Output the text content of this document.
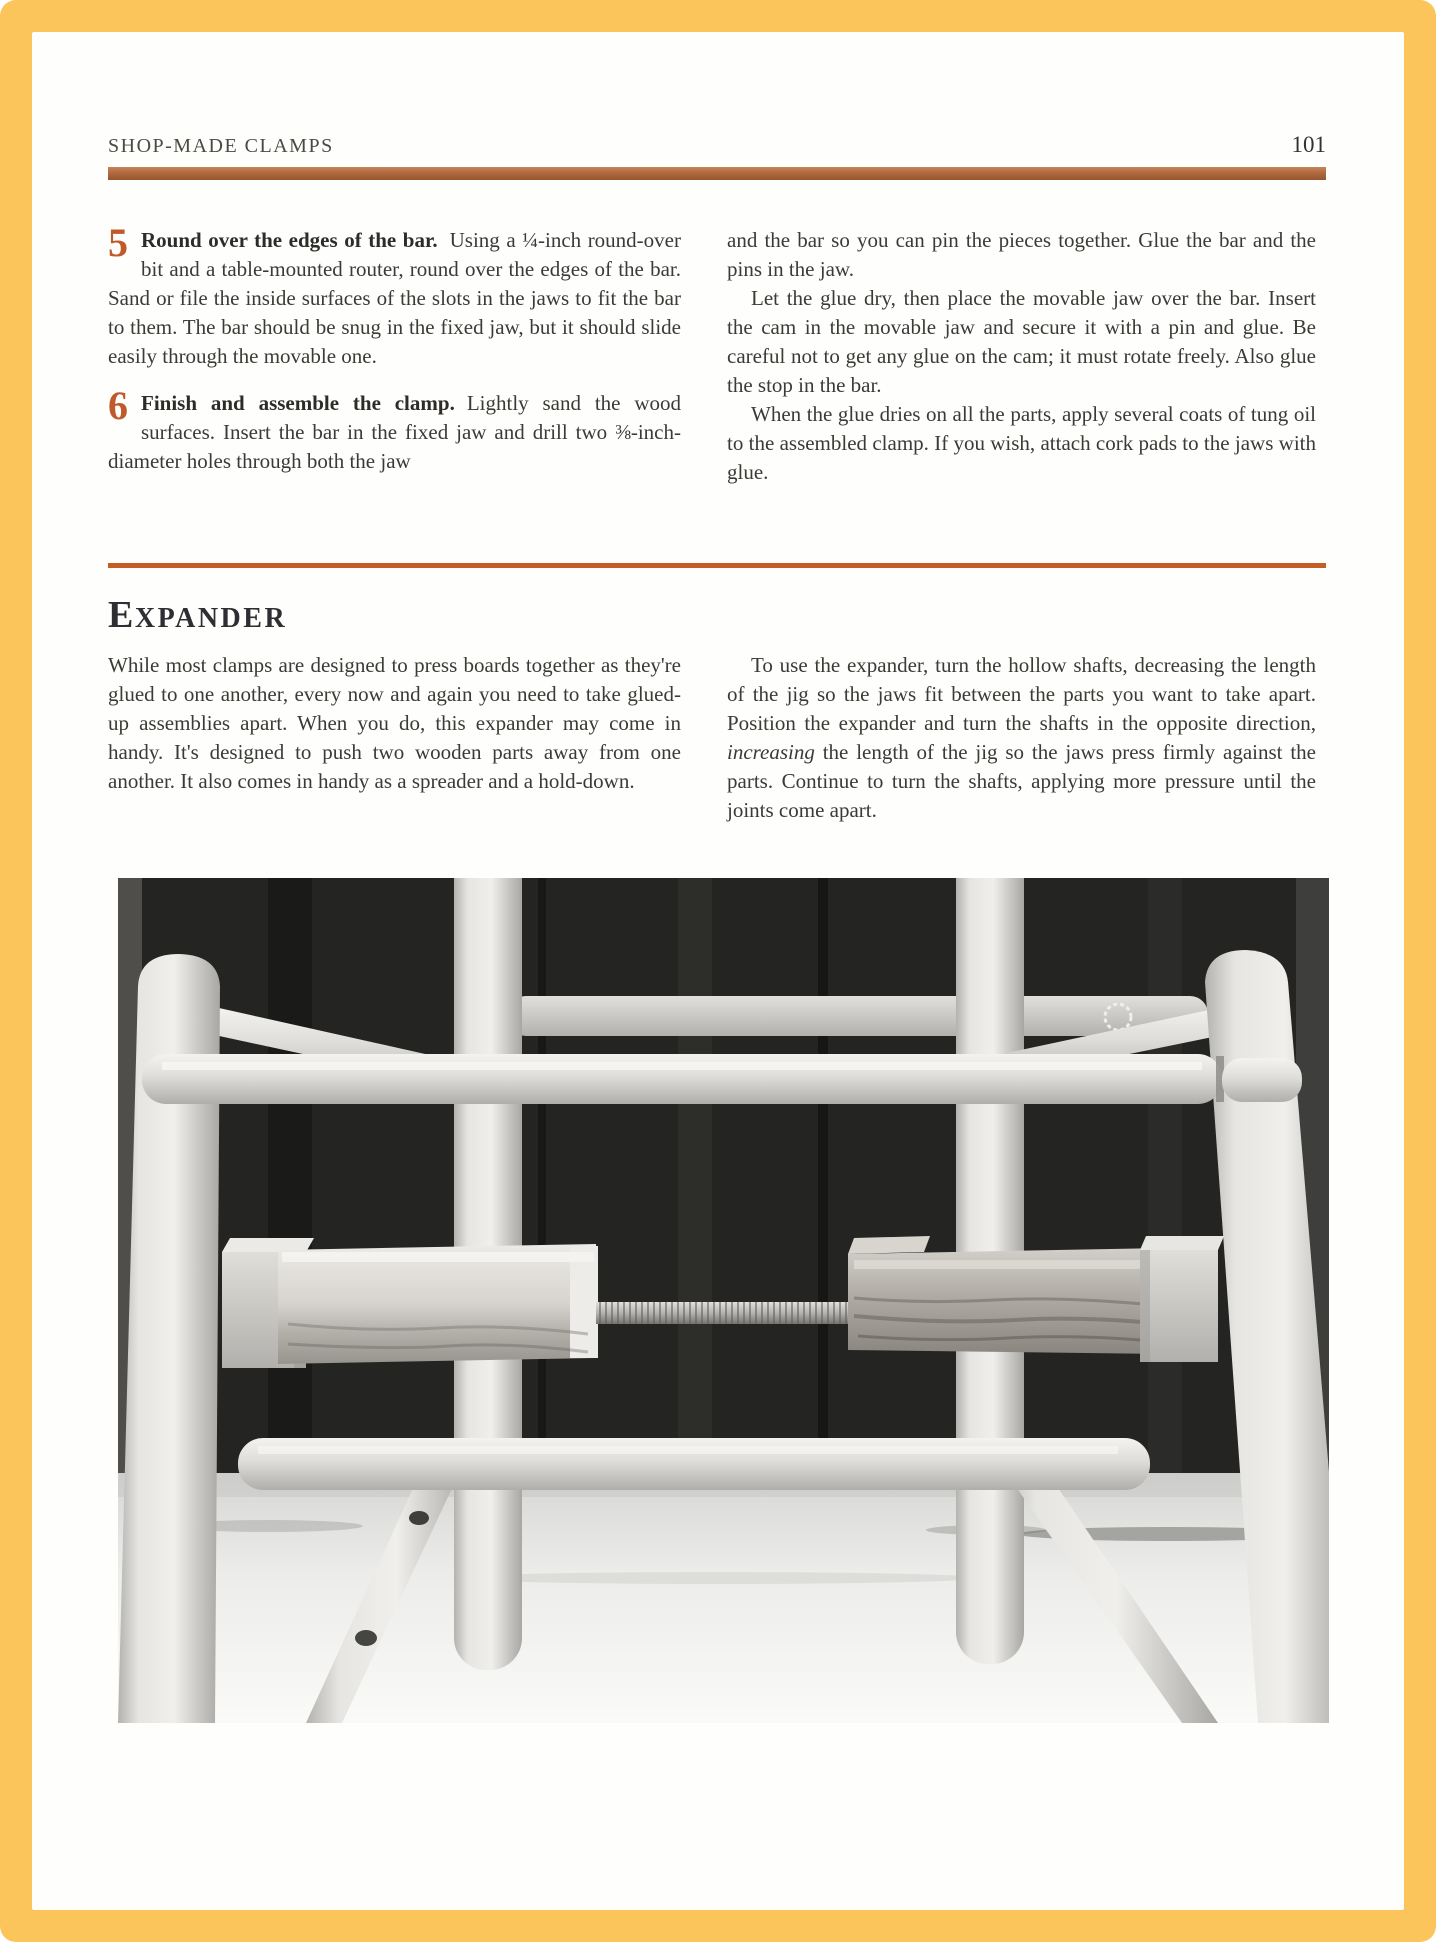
SHOP-MADE CLAMPS	101

5 Round over the edges of the bar. Using a ¼-inch round-over bit and a table-mounted router, round over the edges of the bar. Sand or file the inside surfaces of the slots in the jaws to fit the bar to them. The bar should be snug in the fixed jaw, but it should slide easily through the movable one.

6 Finish and assemble the clamp. Lightly sand the wood surfaces. Insert the bar in the fixed jaw and drill two ⅜-inch-diameter holes through both the jaw

and the bar so you can pin the pieces together. Glue the bar and the pins in the jaw.

Let the glue dry, then place the movable jaw over the bar. Insert the cam in the movable jaw and secure it with a pin and glue. Be careful not to get any glue on the cam; it must rotate freely. Also glue the stop in the bar.

When the glue dries on all the parts, apply several coats of tung oil to the assembled clamp. If you wish, attach cork pads to the jaws with glue.

EXPANDER

While most clamps are designed to press boards together as they're glued to one another, every now and again you need to take glued-up assemblies apart. When you do, this expander may come in handy. It's designed to push two wooden parts away from one another. It also comes in handy as a spreader and a hold-down.

To use the expander, turn the hollow shafts, decreasing the length of the jig so the jaws fit between the parts you want to take apart. Position the expander and turn the shafts in the opposite direction, increasing the length of the jig so the jaws press firmly against the parts. Continue to turn the shafts, applying more pressure until the joints come apart.
